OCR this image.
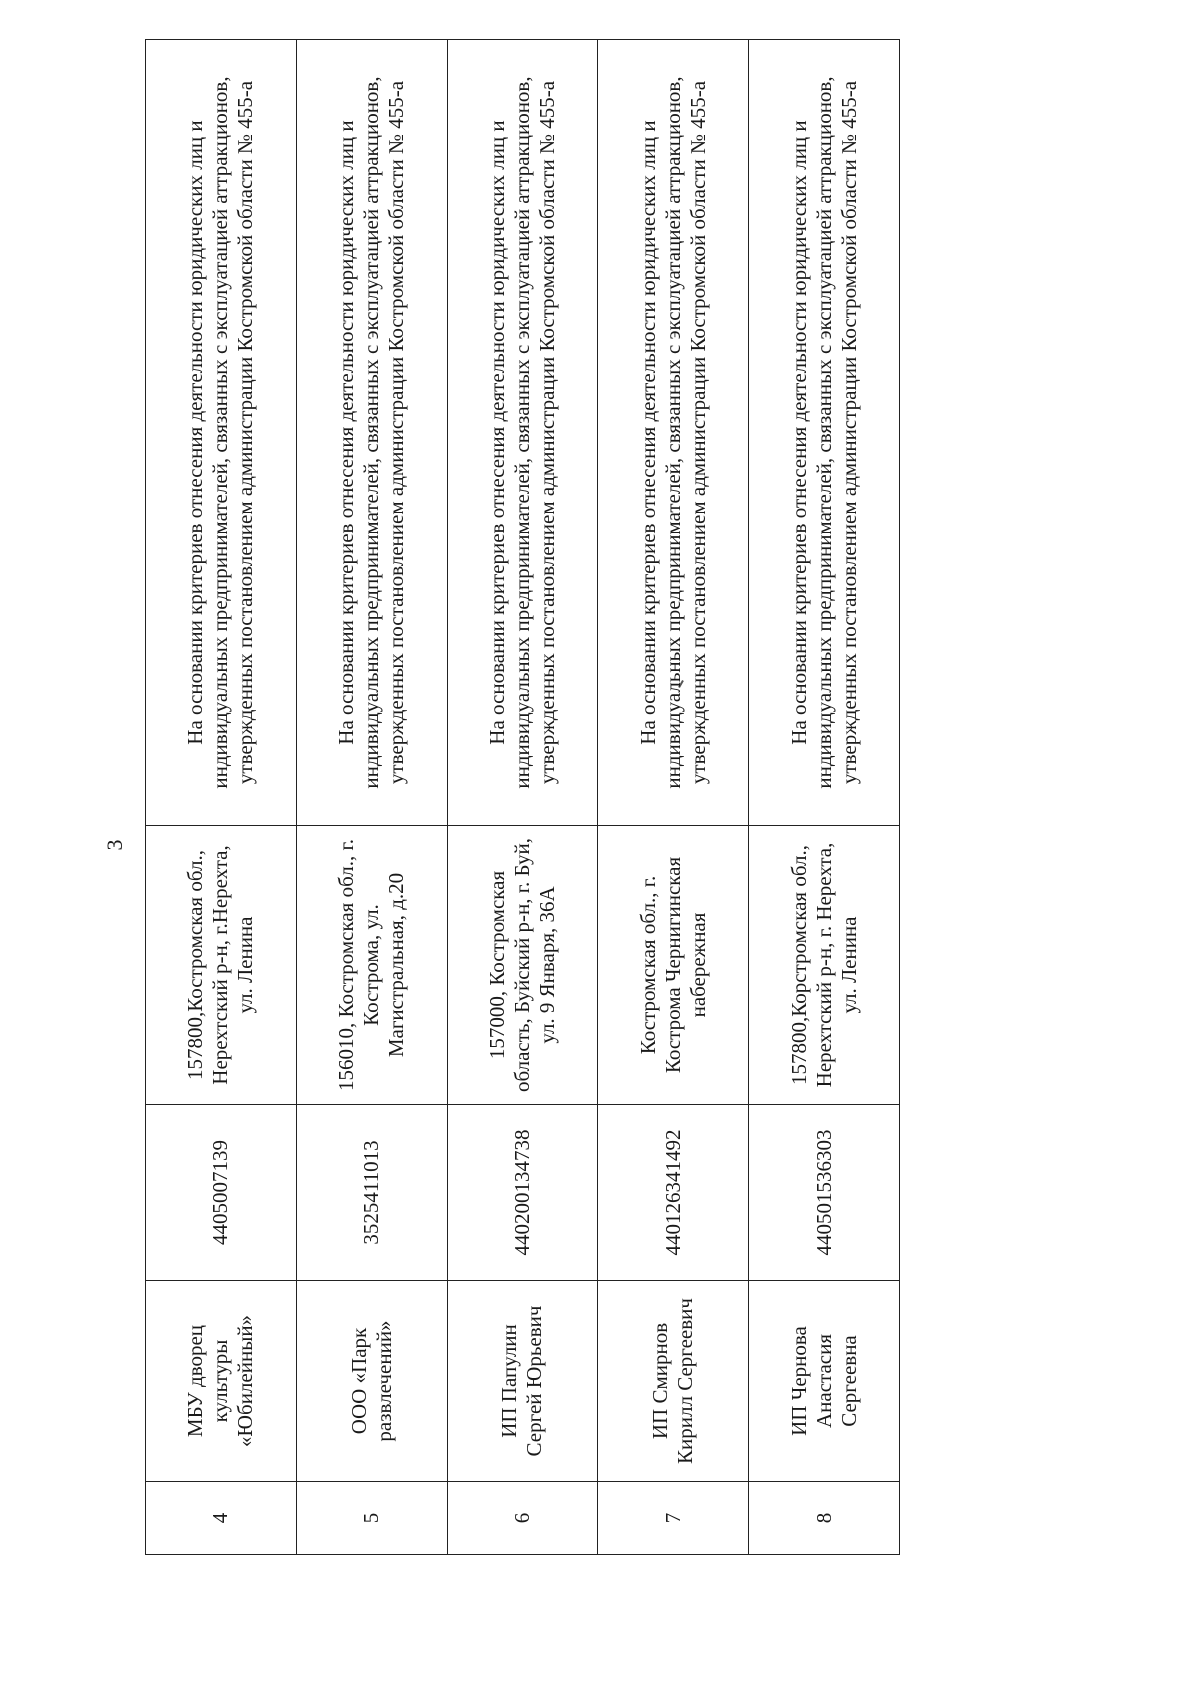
3
4	МБУ дворец культуры «Юбилейный»	4405007139	157800,Костромская обл., Нерехтский р-н, г.Нерехта, ул. Ленина	На основании критериев отнесения деятельности юридических лиц и индивидуальных предпринимателей, связанных с эксплуатацией аттракционов, утвержденных постановлением администрации Костромской области № 455-а
5	ООО «Парк развлечений»	3525411013	156010, Костромская обл., г. Кострома, ул. Магистральная, д.20	На основании критериев отнесения деятельности юридических лиц и индивидуальных предпринимателей, связанных с эксплуатацией аттракционов, утвержденных постановлением администрации Костромской области № 455-а
6	ИП Папулин Сергей Юрьевич	440200134738	157000, Костромская область, Буйский р-н, г. Буй, ул. 9 Января, 36А	На основании критериев отнесения деятельности юридических лиц и индивидуальных предпринимателей, связанных с эксплуатацией аттракционов, утвержденных постановлением администрации Костромской области № 455-а
7	ИП Смирнов Кирилл Сергеевич	440126341492	Костромская обл., г. Кострома Чернигинская набережная	На основании критериев отнесения деятельности юридических лиц и индивидуальных предпринимателей, связанных с эксплуатацией аттракционов, утвержденных постановлением администрации Костромской области № 455-а
8	ИП Чернова Анастасия Сергеевна	440501536303	157800,Корстромская обл., Нерехтский р-н, г. Нерехта, ул. Ленина	На основании критериев отнесения деятельности юридических лиц и индивидуальных предпринимателей, связанных с эксплуатацией аттракционов, утвержденных постановлением администрации Костромской области № 455-а
